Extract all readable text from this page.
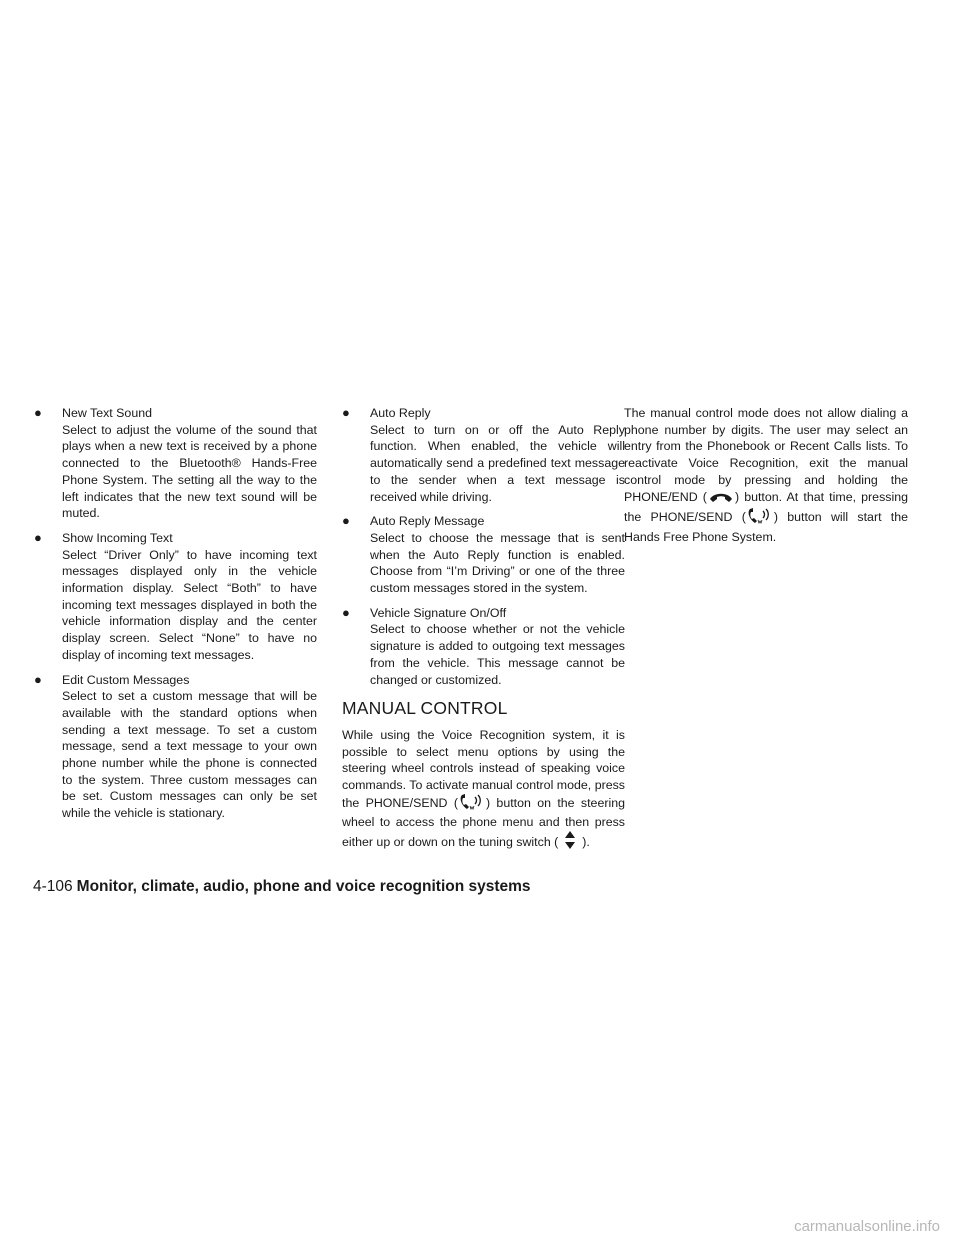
● New Text Sound
Select to adjust the volume of the sound that plays when a new text is received by a phone connected to the Bluetooth® Hands-Free Phone System. The setting all the way to the left indicates that the new text sound will be muted.
● Show Incoming Text
Select “Driver Only” to have incoming text messages displayed only in the vehicle information display. Select “Both” to have incoming text messages displayed in both the vehicle information display and the center display screen. Select “None” to have no display of incoming text messages.
● Edit Custom Messages
Select to set a custom message that will be available with the standard options when sending a text message. To set a custom message, send a text message to your own phone number while the phone is connected to the system. Three custom messages can be set. Custom messages can only be set while the vehicle is stationary.
● Auto Reply
Select to turn on or off the Auto Reply function. When enabled, the vehicle will automatically send a predefined text message to the sender when a text message is received while driving.
● Auto Reply Message
Select to choose the message that is sent when the Auto Reply function is enabled. Choose from “I’m Driving” or one of the three custom messages stored in the system.
● Vehicle Signature On/Off
Select to choose whether or not the vehicle signature is added to outgoing text messages from the vehicle. This message cannot be changed or customized.
MANUAL CONTROL

While using the Voice Recognition system, it is possible to select menu options by using the steering wheel controls instead of speaking voice commands. To activate manual control mode, press the PHONE/SEND ( ) button on the steering wheel to access the phone menu and then press either up or down on the tuning switch ( ).

The manual control mode does not allow dialing a phone number by digits. The user may select an entry from the Phonebook or Recent Calls lists. To reactivate Voice Recognition, exit the manual control mode by pressing and holding the PHONE/END ( ) button. At that time, pressing the PHONE/SEND ( ) button will start the Hands Free Phone System.

4-106 Monitor, climate, audio, phone and voice recognition systems
carmanualsonline.info
